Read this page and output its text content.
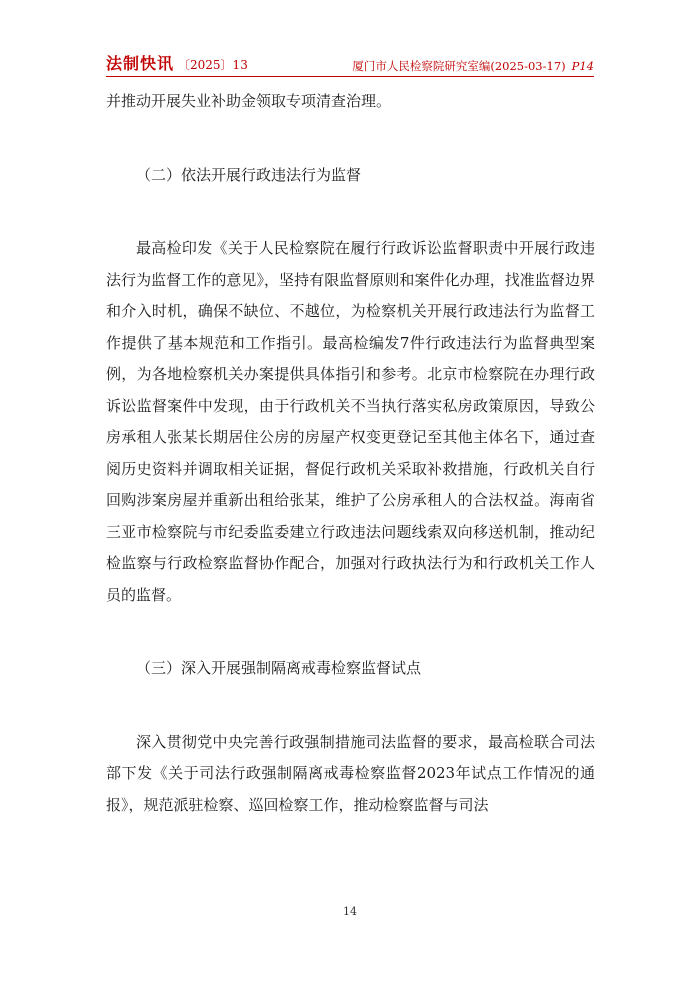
法制快讯 〔2025〕13	厦门市人民检察院研究室编(2025-03-17) P14

并推动开展失业补助金领取专项清查治理。

（二）依法开展行政违法行为监督

最高检印发《关于人民检察院在履行行政诉讼监督职责中开展行政违法行为监督工作的意见》，坚持有限监督原则和案件化办理，找准监督边界和介入时机，确保不缺位、不越位，为检察机关开展行政违法行为监督工作提供了基本规范和工作指引。最高检编发7件行政违法行为监督典型案例，为各地检察机关办案提供具体指引和参考。北京市检察院在办理行政诉讼监督案件中发现，由于行政机关不当执行落实私房政策原因，导致公房承租人张某长期居住公房的房屋产权变更登记至其他主体名下，通过查阅历史资料并调取相关证据，督促行政机关采取补救措施，行政机关自行回购涉案房屋并重新出租给张某，维护了公房承租人的合法权益。海南省三亚市检察院与市纪委监委建立行政违法问题线索双向移送机制，推动纪检监察与行政检察监督协作配合，加强对行政执法行为和行政机关工作人员的监督。

（三）深入开展强制隔离戒毒检察监督试点

深入贯彻党中央完善行政强制措施司法监督的要求，最高检联合司法部下发《关于司法行政强制隔离戒毒检察监督2023年试点工作情况的通报》，规范派驻检察、巡回检察工作，推动检察监督与司法

14
